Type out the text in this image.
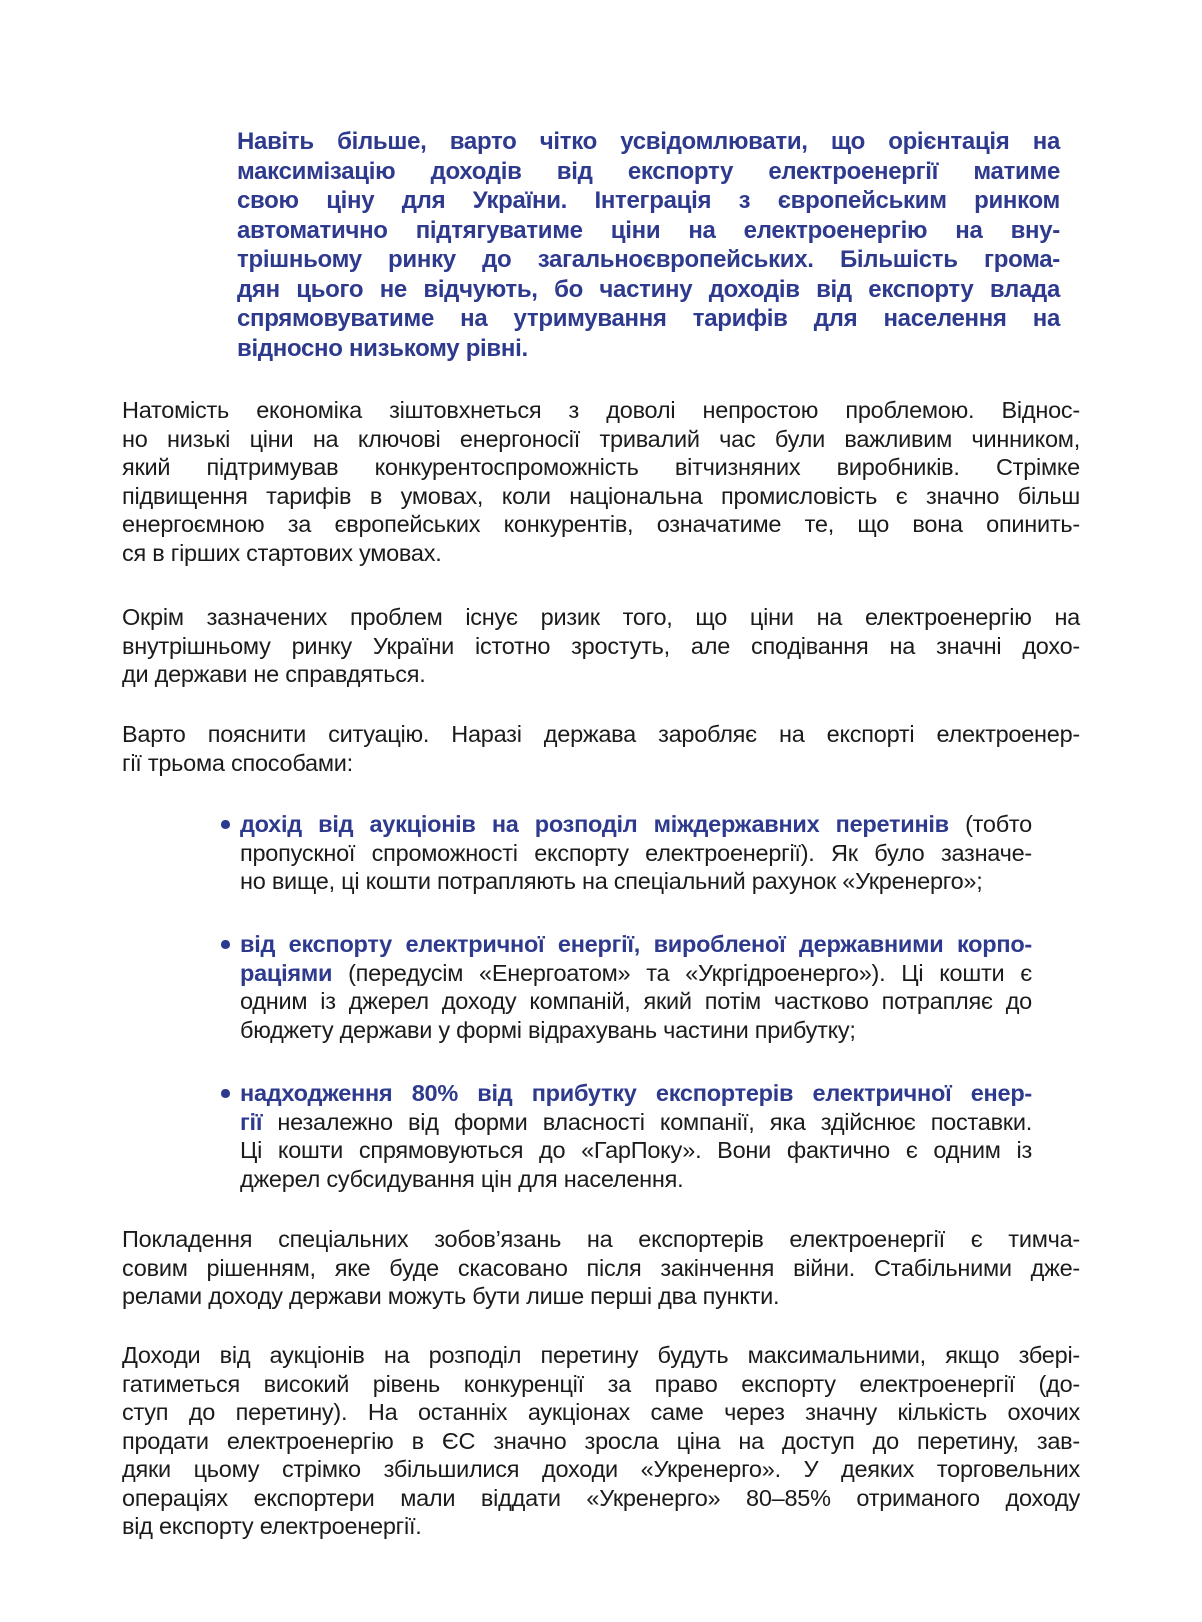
Навіть більше, варто чітко усвідомлювати, що орієнтація на
максимізацію доходів від експорту електроенергії матиме
свою ціну для України. Інтеграція з європейським ринком
автоматично підтягуватиме ціни на електроенергію на вну-
трішньому ринку до загальноєвропейських. Більшість грома-
дян цього не відчують, бо частину доходів від експорту влада
спрямовуватиме на утримування тарифів для населення на
відносно низькому рівні.
Натомість економіка зіштовхнеться з доволі непростою проблемою. Віднос-
но низькі ціни на ключові енергоносії тривалий час були важливим чинником,
який підтримував конкурентоспроможність вітчизняних виробників. Стрімке
підвищення тарифів в умовах, коли національна промисловість є значно більш
енергоємною за європейських конкурентів, означатиме те, що вона опинить-
ся в гірших стартових умовах.
Окрім зазначених проблем існує ризик того, що ціни на електроенергію на
внутрішньому ринку України істотно зростуть, але сподівання на значні дохо-
ди держави не справдяться.
Варто пояснити ситуацію. Наразі держава заробляє на експорті електроенер-
гії трьома способами:
дохід від аукціонів на розподіл міждержавних перетинів (тобто
пропускної спроможності експорту електроенергії). Як було зазначе-
но вище, ці кошти потрапляють на спеціальний рахунок «Укренерго»;
від експорту електричної енергії, виробленої державними корпо-
раціями (передусім «Енергоатом» та «Укргідроенерго»). Ці кошти є
одним із джерел доходу компаній, який потім частково потрапляє до
бюджету держави у формі відрахувань частини прибутку;
надходження 80% від прибутку експортерів електричної енер-
гії незалежно від форми власності компанії, яка здійснює поставки.
Ці кошти спрямовуються до «ГарПоку». Вони фактично є одним із
джерел субсидування цін для населення.
Покладення спеціальних зобов’язань на експортерів електроенергії є тимча-
совим рішенням, яке буде скасовано після закінчення війни. Стабільними дже-
релами доходу держави можуть бути лише перші два пункти.
Доходи від аукціонів на розподіл перетину будуть максимальними, якщо збері-
гатиметься високий рівень конкуренції за право експорту електроенергії (до-
ступ до перетину). На останніх аукціонах саме через значну кількість охочих
продати електроенергію в ЄС значно зросла ціна на доступ до перетину, зав-
дяки цьому стрімко збільшилися доходи «Укренерго». У деяких торговельних
операціях експортери мали віддати «Укренерго» 80–85% отриманого доходу
від експорту електроенергії.
